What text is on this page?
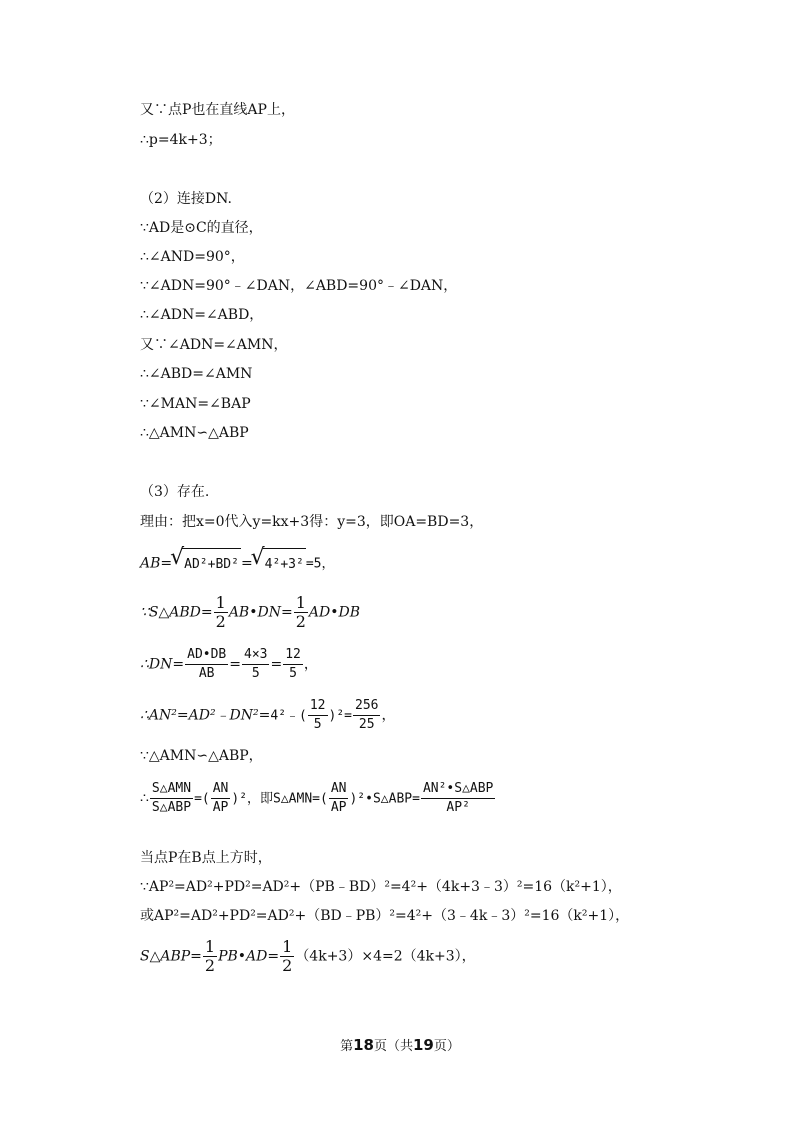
又∵点P也在直线AP上，
∴p=4k+3；
（2）连接DN.
∵AD是⊙C的直径，
∴∠AND=90°，
∵∠ADN=90°﹣∠DAN，∠ABD=90°﹣∠DAN，
∴∠ADN=∠ABD，
又∵∠ADN=∠AMN，
∴∠ABD=∠AMN
∵∠MAN=∠BAP
∴△AMN∽△ABP
（3）存在.
理由：把x=0代入y=kx+3得：y=3，即OA=BD=3，
AB= √ AD²+BD² = √ 4²+3² =5，
∵S△ABD= $\frac{1}{2}$ AB•DN= $\frac{1}{2}$ AD•DB
∴DN= $\frac{AD•DB}{AB} = \frac{4\times 3}{5} = \frac{12}{5}$ ，
∴AN²=AD²﹣DN²=4²﹣( $\frac{12}{5} )^2= \frac{256}{25}$ ，
∵△AMN∽△ABP，
∴ $\frac{\text{S△AMN}}{\text{S△ABP}}$ =( $\frac{AN}{AP} )^2$，即S△AMN=( $\frac{AN}{AP}$ )²•S△ABP= $\frac{\text{AN²•S△ABP}}{\text{AP²}}$
当点P在B点上方时，
∵AP²=AD²+PD²=AD²+（PB﹣BD）²=4²+（4k+3﹣3）²=16（k²+1），
或AP²=AD²+PD²=AD²+（BD﹣PB）²=4²+（3﹣4k﹣3）²=16（k²+1），
S△ABP= $\frac{1}{2}$ PB•AD= $\frac{1}{2} (4k+3)\times 4=2(4k+3)$，
第18页（共19页）
